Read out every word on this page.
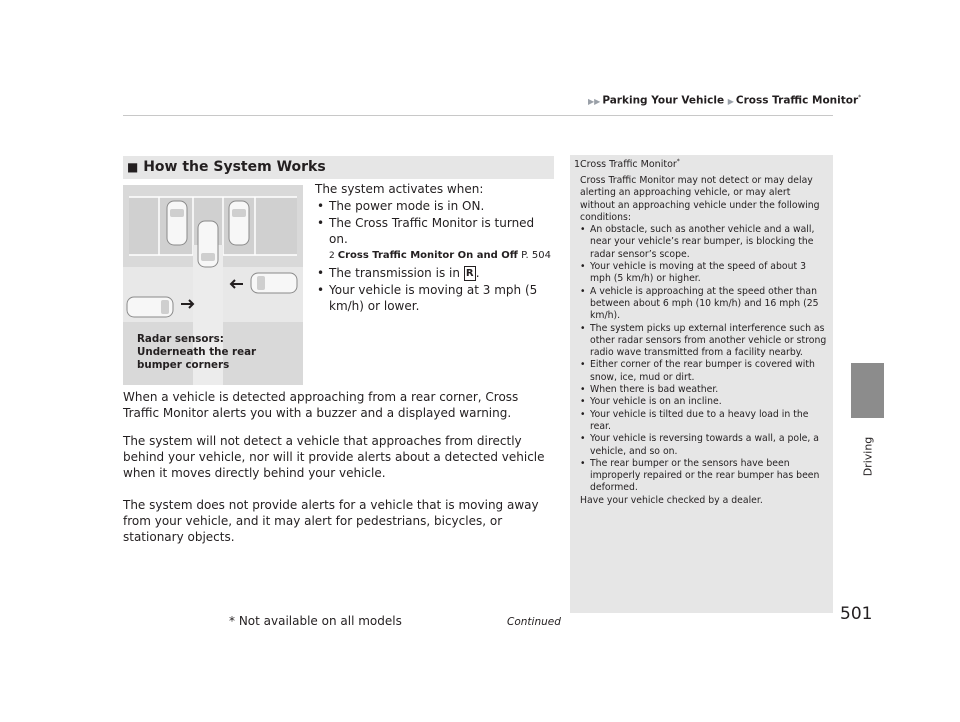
▶▶ Parking Your Vehicle ▶ Cross Traffic Monitor*
Driving
■ How the System Works
Radar sensors:
Underneath the rear bumper corners
The system activates when:
• The power mode is in ON.
• The Cross Traffic Monitor is turned on.
2 Cross Traffic Monitor On and Off P. 504
• The transmission is in R .
• Your vehicle is moving at 3 mph (5 km/h) or lower.

When a vehicle is detected approaching from a rear corner, Cross Traffic Monitor alerts you with a buzzer and a displayed warning.

The system will not detect a vehicle that approaches from directly behind your vehicle, nor will it provide alerts about a detected vehicle when it moves directly behind your vehicle.

The system does not provide alerts for a vehicle that is moving away from your vehicle, and it may alert for pedestrians, bicycles, or stationary objects.

1Cross Traffic Monitor*
Cross Traffic Monitor may not detect or may delay alerting an approaching vehicle, or may alert without an approaching vehicle under the following conditions:
• An obstacle, such as another vehicle and a wall, near your vehicle’s rear bumper, is blocking the radar sensor’s scope.
• Your vehicle is moving at the speed of about 3 mph (5 km/h) or higher.
• A vehicle is approaching at the speed other than between about 6 mph (10 km/h) and 16 mph (25 km/h).
• The system picks up external interference such as other radar sensors from another vehicle or strong radio wave transmitted from a facility nearby.
• Either corner of the rear bumper is covered with snow, ice, mud or dirt.
• When there is bad weather.
• Your vehicle is on an incline.
• Your vehicle is tilted due to a heavy load in the rear.
• Your vehicle is reversing towards a wall, a pole, a vehicle, and so on.
• The rear bumper or the sensors have been improperly repaired or the rear bumper has been deformed.
Have your vehicle checked by a dealer.
* Not available on all models	Continued	501
